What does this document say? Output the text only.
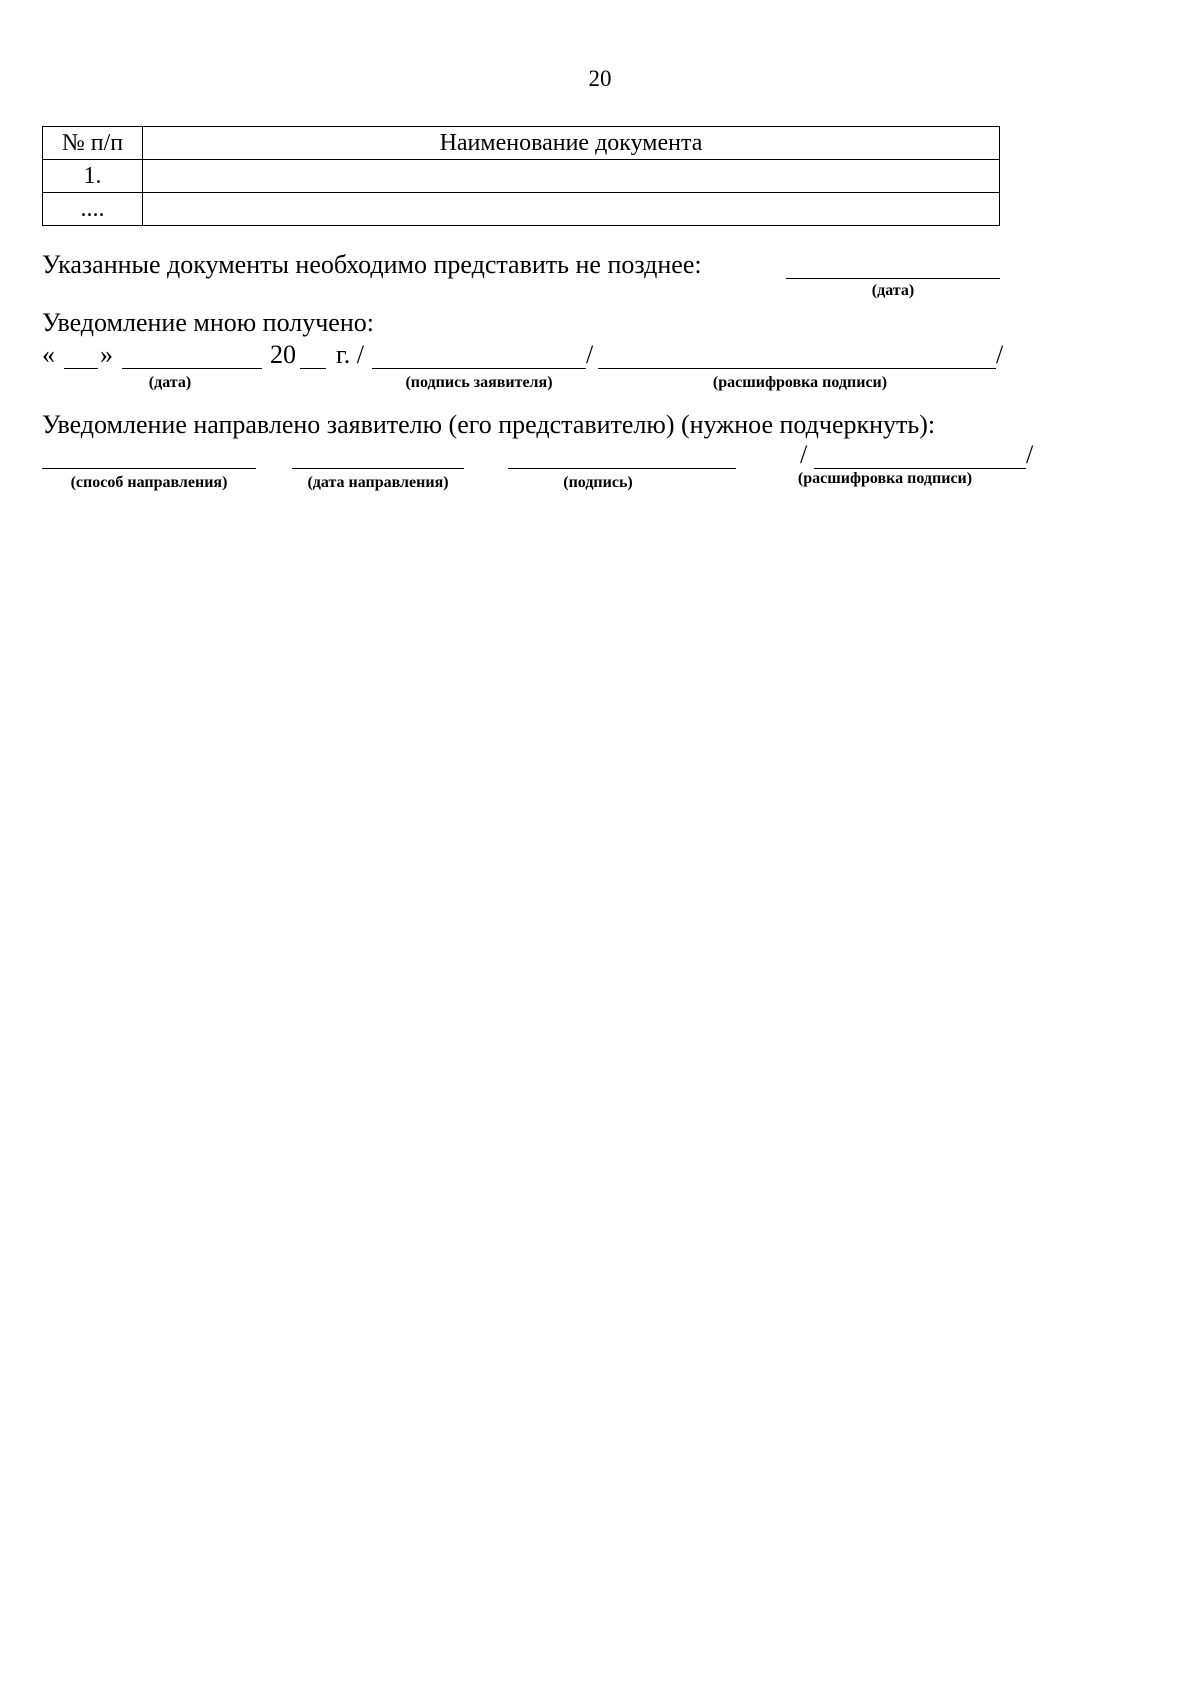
20
№ п/п	Наименование документа
1.	
....	
Указанные документы необходимо представить не позднее:
(дата)
Уведомление мною получено:
« »	20 г. /	/	/
(дата)	(подпись заявителя)	(расшифровка подписи)
Уведомление направлено заявителю (его представителю) (нужное подчеркнуть):
/	/
(способ направления)	(дата направления)	(подпись)	(расшифровка подписи)
